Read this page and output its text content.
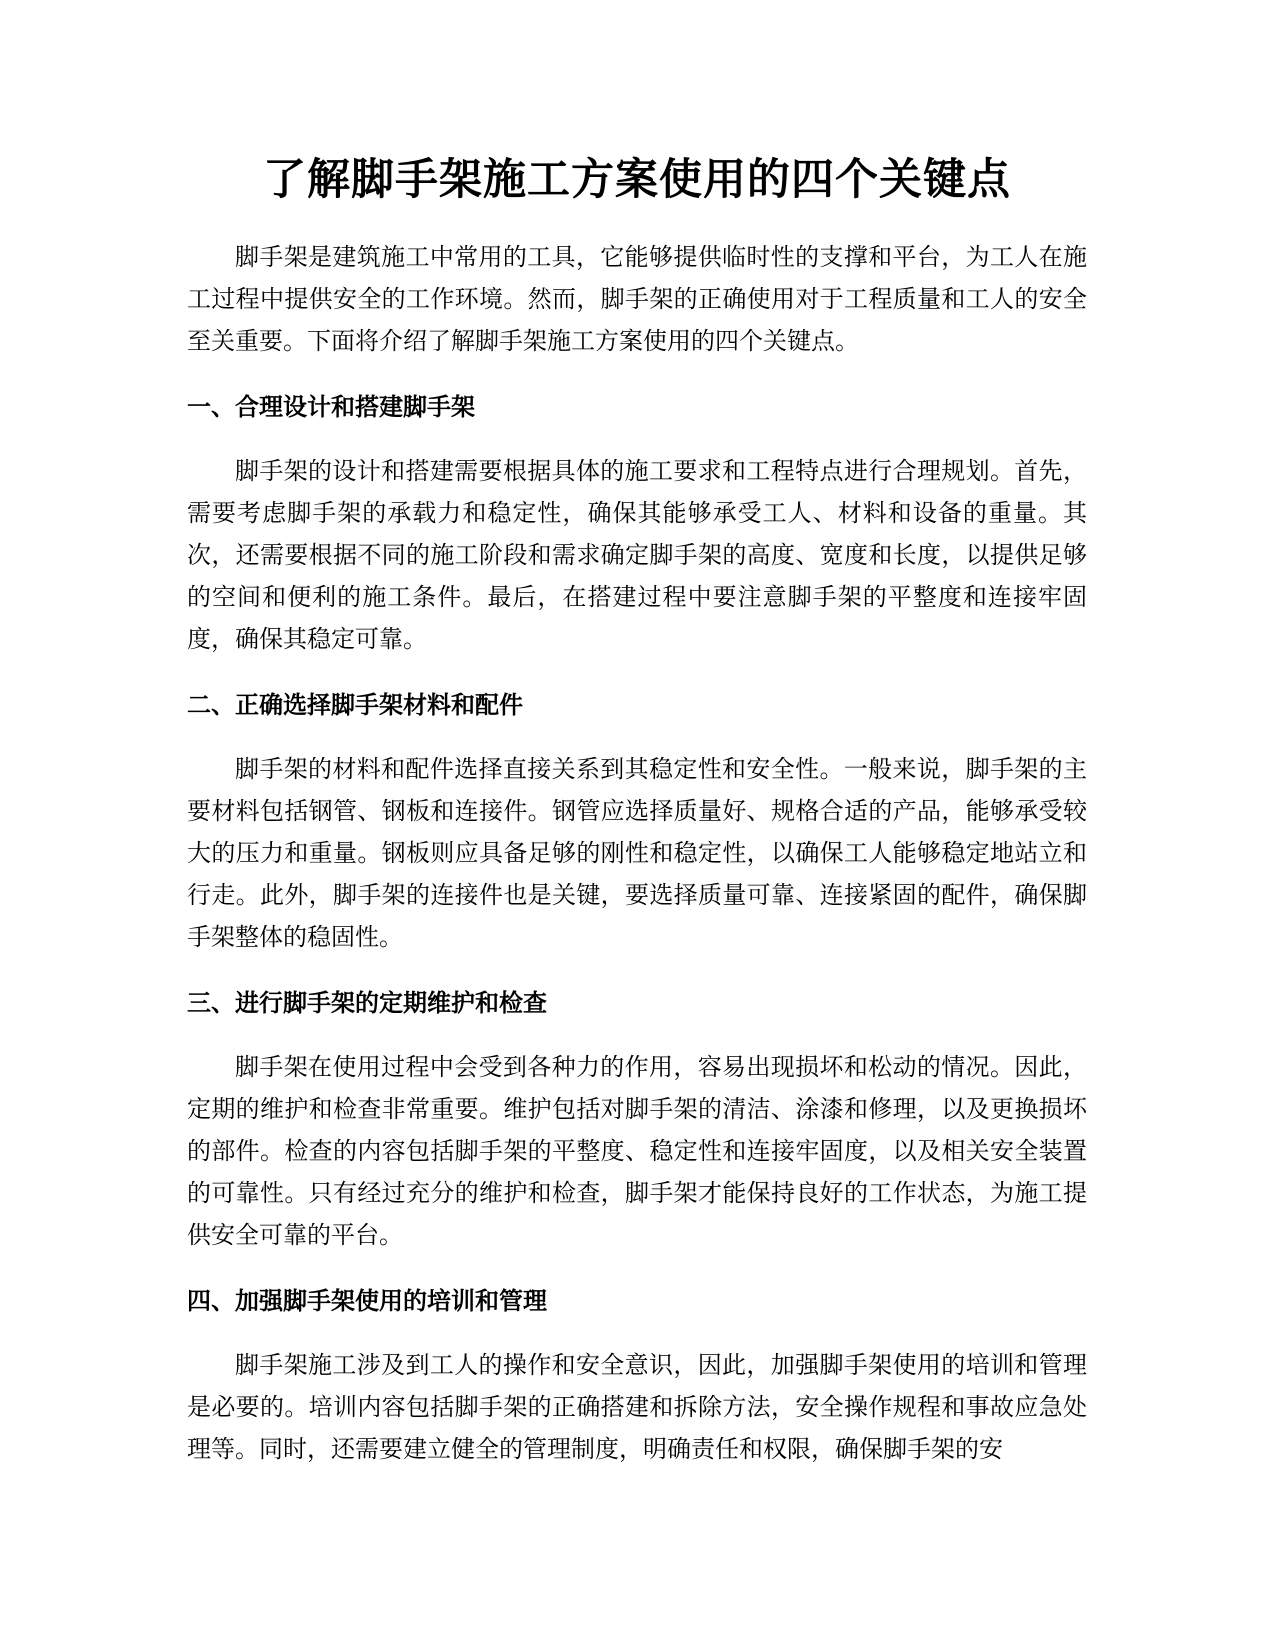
了解脚手架施工方案使用的四个关键点

脚手架是建筑施工中常用的工具，它能够提供临时性的支撑和平台，为工人在施工过程中提供安全的工作环境。然而，脚手架的正确使用对于工程质量和工人的安全至关重要。下面将介绍了解脚手架施工方案使用的四个关键点。

一、合理设计和搭建脚手架

脚手架的设计和搭建需要根据具体的施工要求和工程特点进行合理规划。首先，需要考虑脚手架的承载力和稳定性，确保其能够承受工人、材料和设备的重量。其次，还需要根据不同的施工阶段和需求确定脚手架的高度、宽度和长度，以提供足够的空间和便利的施工条件。最后，在搭建过程中要注意脚手架的平整度和连接牢固度，确保其稳定可靠。

二、正确选择脚手架材料和配件

脚手架的材料和配件选择直接关系到其稳定性和安全性。一般来说，脚手架的主要材料包括钢管、钢板和连接件。钢管应选择质量好、规格合适的产品，能够承受较大的压力和重量。钢板则应具备足够的刚性和稳定性，以确保工人能够稳定地站立和行走。此外，脚手架的连接件也是关键，要选择质量可靠、连接紧固的配件，确保脚手架整体的稳固性。

三、进行脚手架的定期维护和检查

脚手架在使用过程中会受到各种力的作用，容易出现损坏和松动的情况。因此，定期的维护和检查非常重要。维护包括对脚手架的清洁、涂漆和修理，以及更换损坏的部件。检查的内容包括脚手架的平整度、稳定性和连接牢固度，以及相关安全装置的可靠性。只有经过充分的维护和检查，脚手架才能保持良好的工作状态，为施工提供安全可靠的平台。

四、加强脚手架使用的培训和管理

脚手架施工涉及到工人的操作和安全意识，因此，加强脚手架使用的培训和管理是必要的。培训内容包括脚手架的正确搭建和拆除方法，安全操作规程和事故应急处理等。同时，还需要建立健全的管理制度，明确责任和权限，确保脚手架的安
